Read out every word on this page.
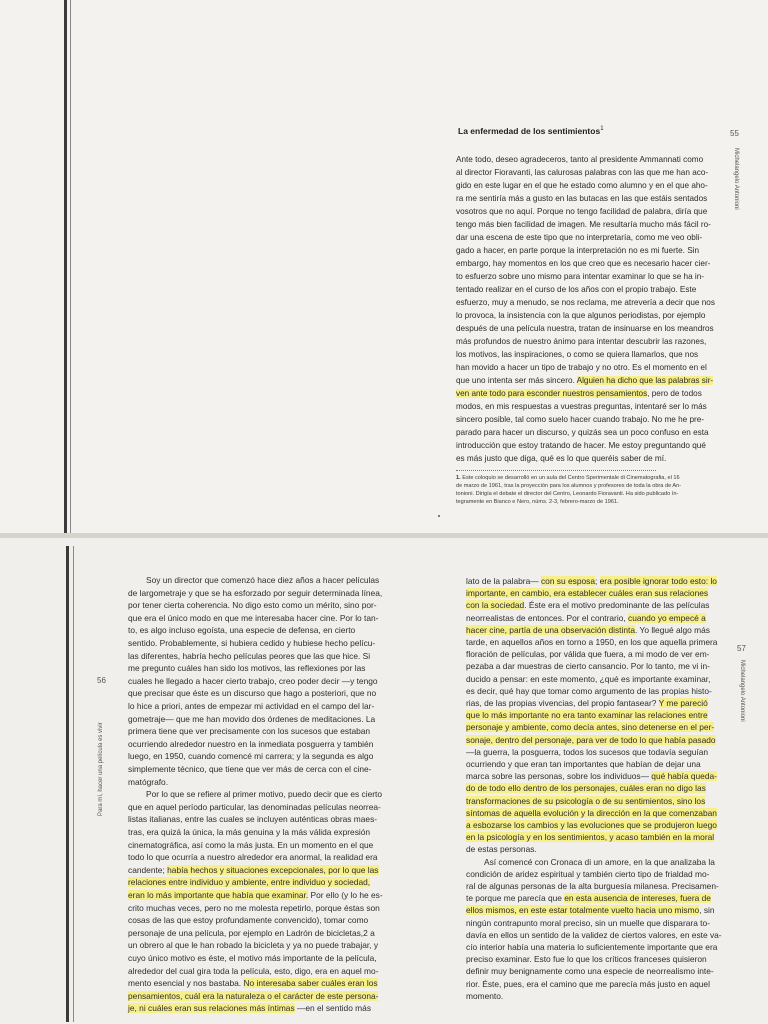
La enfermedad de los sentimientos$^1$	55
Michelangelo Antonioni
Ante todo, deseo agradeceros, tanto al presidente Ammannati como
al director Fioravanti, las calurosas palabras con las que me han aco-
gido en este lugar en el que he estado como alumno y en el que aho-
ra me sentiría más a gusto en las butacas en las que estáis sentados
vosotros que no aquí. Porque no tengo facilidad de palabra, diría que
tengo más bien facilidad de imagen. Me resultaría mucho más fácil ro-
dar una escena de este tipo que no interpretaría, como me veo obli-
gado a hacer, en parte porque la interpretación no es mi fuerte. Sin
embargo, hay momentos en los que creo que es necesario hacer cier-
to esfuerzo sobre uno mismo para intentar examinar lo que se ha in-
tentado realizar en el curso de los años con el propio trabajo. Este
esfuerzo, muy a menudo, se nos reclama, me atrevería a decir que nos
lo provoca, la insistencia con la que algunos periodistas, por ejemplo
después de una película nuestra, tratan de insinuarse en los meandros
más profundos de nuestro ánimo para intentar descubrir las razones,
los motivos, las inspiraciones, o como se quiera llamarlos, que nos
han movido a hacer un tipo de trabajo y no otro. Es el momento en el
que uno intenta ser más sincero. Alguien ha dicho que las palabras sir-
ven ante todo para esconder nuestros pensamientos, pero de todos
modos, en mis respuestas a vuestras preguntas, intentaré ser lo más
sincero posible, tal como suelo hacer cuando trabajo. No me he pre-
parado para hacer un discurso, y quizás sea un poco confuso en esta
introducción que estoy tratando de hacer. Me estoy preguntando qué
es más justo que diga, qué es lo que queréis saber de mí.
1. Este coloquio se desarrolló en un aula del Centro Sperimentale di Cinematografia, el 16
de marzo de 1961, tras la proyección para los alumnos y profesores de toda la obra de An-
tonioni. Dirigía el debate el director del Centro, Leonardo Fioravanti. Ha sido publicado ín-
tegramente en Bianco e Nero, núms. 2-3, febrero-marzo de 1961.
56
Para mí, hacer una película es vivir
Soy un director que comenzó hace diez años a hacer películas
de largometraje y que se ha esforzado por seguir determinada línea,
por tener cierta coherencia. No digo esto como un mérito, sino por-
que era el único modo en que me interesaba hacer cine. Por lo tan-
to, es algo incluso egoísta, una especie de defensa, en cierto
sentido. Probablemente, si hubiera cedido y hubiese hecho pelícu-
las diferentes, habría hecho películas peores que las que hice. Si
me pregunto cuáles han sido los motivos, las reflexiones por las
cuales he llegado a hacer cierto trabajo, creo poder decir —y tengo
que precisar que éste es un discurso que hago a posteriori, que no
lo hice a priori, antes de empezar mi actividad en el campo del lar-
gometraje— que me han movido dos órdenes de meditaciones. La
primera tiene que ver precisamente con los sucesos que estaban
ocurriendo alrededor nuestro en la inmediata posguerra y también
luego, en 1950, cuando comencé mi carrera; y la segunda es algo
simplemente técnico, que tiene que ver más de cerca con el cine-
matógrafo.
Por lo que se refiere al primer motivo, puedo decir que es cierto
que en aquel período particular, las denominadas películas neorrea-
listas italianas, entre las cuales se incluyen auténticas obras maes-
tras, era quizá la única, la más genuina y la más válida expresión
cinematográfica, así como la más justa. En un momento en el que
todo lo que ocurría a nuestro alrededor era anormal, la realidad era
candente; había hechos y situaciones excepcionales, por lo que las
relaciones entre individuo y ambiente, entre individuo y sociedad,
eran lo más importante que había que examinar. Por ello (y lo he es-
crito muchas veces, pero no me molesta repetirlo, porque éstas son
cosas de las que estoy profundamente convencido), tomar como
personaje de una película, por ejemplo en Ladrón de bicicletas,2 a
un obrero al que le han robado la bicicleta y ya no puede trabajar, y
cuyo único motivo es éste, el motivo más importante de la película,
alrededor del cual gira toda la película, esto, digo, era en aquel mo-
mento esencial y nos bastaba. No interesaba saber cuáles eran los
pensamientos, cuál era la naturaleza o el carácter de este persona-
je, ni cuáles eran sus relaciones más íntimas —en el sentido más
57
Michelangelo Antonioni
lato de la palabra— con su esposa; era posible ignorar todo esto: lo
importante, en cambio, era establecer cuáles eran sus relaciones
con la sociedad. Éste era el motivo predominante de las películas
neorrealistas de entonces. Por el contrario, cuando yo empecé a
hacer cine, partía de una observación distinta. Yo llegué algo más
tarde, en aquellos años en torno a 1950, en los que aquella primera
floración de películas, por válida que fuera, a mi modo de ver em-
pezaba a dar muestras de cierto cansancio. Por lo tanto, me vi in-
ducido a pensar: en este momento, ¿qué es importante examinar,
es decir, qué hay que tomar como argumento de las propias histo-
rias, de las propias vivencias, del propio fantasear? Y me pareció
que lo más importante no era tanto examinar las relaciones entre
personaje y ambiente, como decía antes, sino detenerse en el per-
sonaje, dentro del personaje, para ver de todo lo que había pasado
—la guerra, la posguerra, todos los sucesos que todavía seguían
ocurriendo y que eran tan importantes que habían de dejar una
marca sobre las personas, sobre los individuos— qué había queda-
do de todo ello dentro de los personajes, cuáles eran no digo las
transformaciones de su psicología o de su sentimientos, sino los
síntomas de aquella evolución y la dirección en la que comenzaban
a esbozarse los cambios y las evoluciones que se produjeron luego
en la psicología y en los sentimientos, y acaso también en la moral
de estas personas.
Así comencé con Cronaca di un amore, en la que analizaba la
condición de aridez espiritual y también cierto tipo de frialdad mo-
ral de algunas personas de la alta burguesía milanesa. Precisamen-
te porque me parecía que en esta ausencia de intereses, fuera de
ellos mismos, en este estar totalmente vuelto hacia uno mismo, sin
ningún contrapunto moral preciso, sin un muelle que disparara to-
davía en ellos un sentido de la validez de ciertos valores, en este va-
cío interior había una materia lo suficientemente importante que era
preciso examinar. Esto fue lo que los críticos franceses quisieron
definir muy benignamente como una especie de neorrealismo inte-
rior. Éste, pues, era el camino que me parecía más justo en aquel
momento.
